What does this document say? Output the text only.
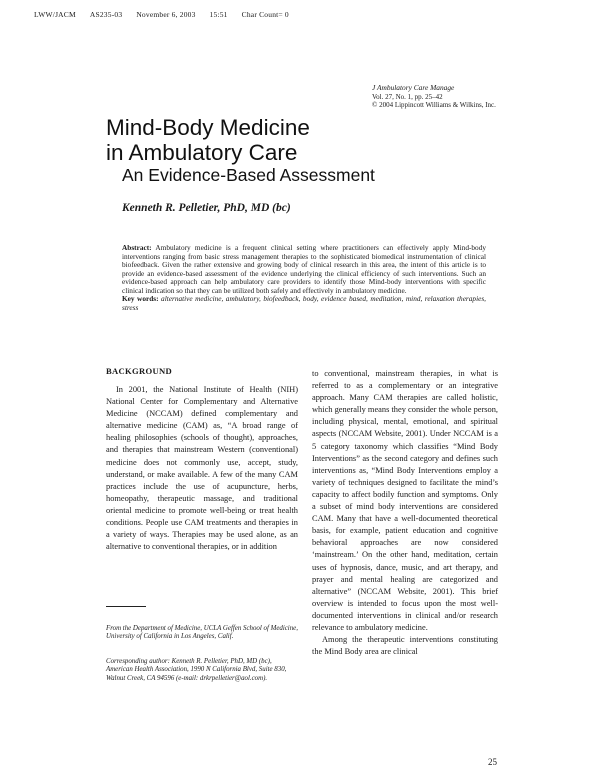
LWW/JACM AS235-03 November 6, 2003 15:51 Char Count= 0
J Ambulatory Care Manage
Vol. 27, No. 1, pp. 25–42
© 2004 Lippincott Williams & Wilkins, Inc.
Mind-Body Medicine
in Ambulatory Care
An Evidence-Based Assessment
Kenneth R. Pelletier, PhD, MD (bc)
Abstract: Ambulatory medicine is a frequent clinical setting where practitioners can effectively apply Mind-body interventions ranging from basic stress management therapies to the sophisticated biomedical instrumentation of clinical biofeedback. Given the rather extensive and growing body of clinical research in this area, the intent of this article is to provide an evidence-based assessment of the evidence underlying the clinical efficiency of such interventions. Such an evidence-based approach can help ambulatory care providers to identify those Mind-body interventions with specific clinical indication so that they can be utilized both safely and effectively in ambulatory medicine.
Key words: alternative medicine, ambulatory, biofeedback, body, evidence based, meditation, mind, relaxation therapies, stress
BACKGROUND

In 2001, the National Institute of Health (NIH) National Center for Complementary and Alternative Medicine (NCCAM) defined complementary and alternative medicine (CAM) as, “A broad range of healing philosophies (schools of thought), approaches, and therapies that mainstream Western (conventional) medicine does not commonly use, accept, study, understand, or make available. A few of the many CAM practices include the use of acupuncture, herbs, homeopathy, therapeutic massage, and traditional oriental medicine to promote well-being or treat health conditions. People use CAM treatments and therapies in a variety of ways. Therapies may be used alone, as an alternative to conventional therapies, or in addition

to conventional, mainstream therapies, in what is referred to as a complementary or an integrative approach. Many CAM therapies are called holistic, which generally means they consider the whole person, including physical, mental, emotional, and spiritual aspects (NCCAM Website, 2001). Under NCCAM is a 5 category taxonomy which classifies “Mind Body Interventions” as the second category and defines such interventions as, “Mind Body Interventions employ a variety of techniques designed to facilitate the mind’s capacity to affect bodily function and symptoms. Only a subset of mind body interventions are considered CAM. Many that have a well-documented theoretical basis, for example, patient education and cognitive behavioral approaches are now considered ‘mainstream.’ On the other hand, meditation, certain uses of hypnosis, dance, music, and art therapy, and prayer and mental healing are categorized and alternative” (NCCAM Website, 2001). This brief overview is intended to focus upon the most well-documented interventions in clinical and/or research relevance to ambulatory medicine.

Among the therapeutic interventions constituting the Mind Body area are clinical

From the Department of Medicine, UCLA Geffen School of Medicine, University of California in Los Angeles, Calif.
Corresponding author: Kenneth R. Pelletier, PhD, MD (bc), American Health Association, 1990 N California Blvd, Suite 830, Walnut Creek, CA 94596 (e-mail: drkrpelletier@aol.com).
25
